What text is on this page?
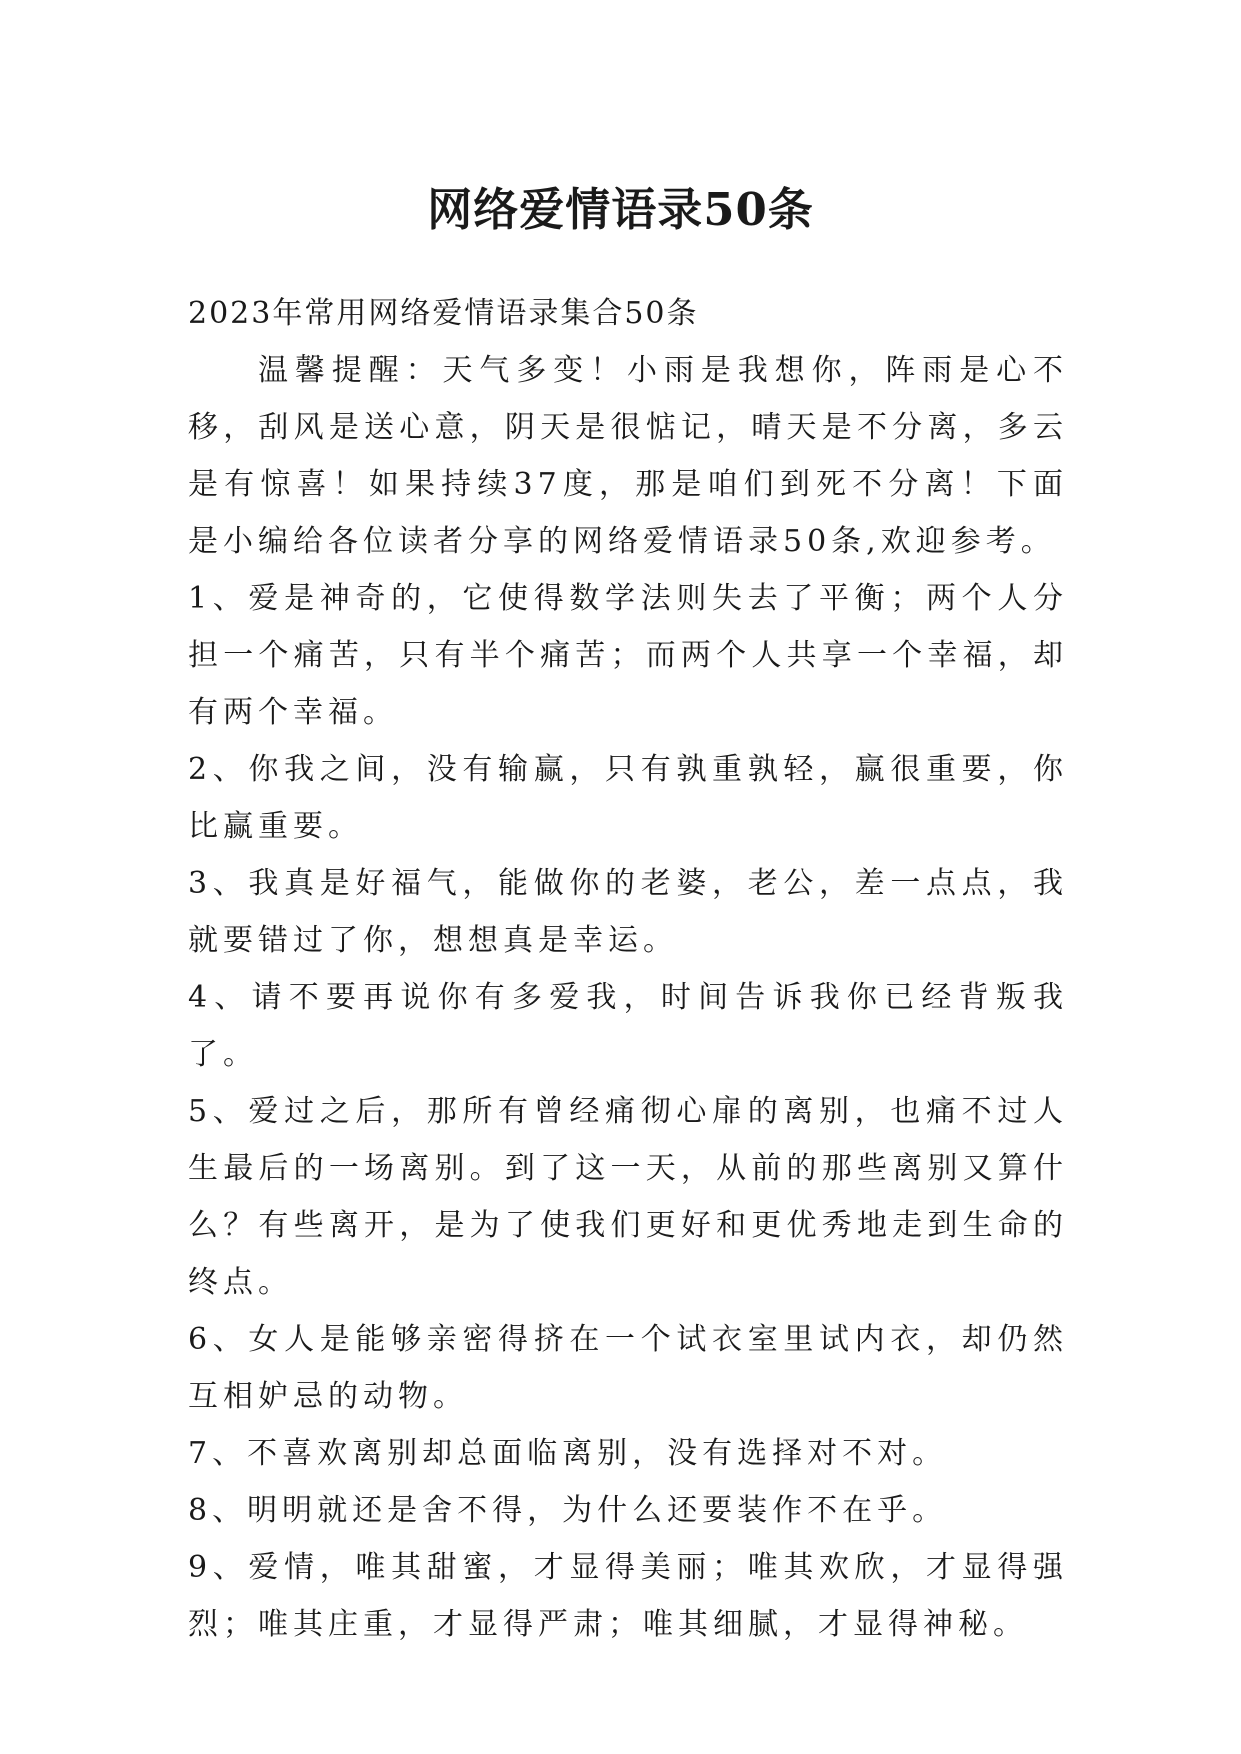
网络爱情语录50条

2023年常用网络爱情语录集合50条

温馨提醒：天气多变！小雨是我想你，阵雨是心不移，刮风是送心意，阴天是很惦记，晴天是不分离，多云是有惊喜！如果持续37度，那是咱们到死不分离！下面是小编给各位读者分享的网络爱情语录50条,欢迎参考。

1、爱是神奇的，它使得数学法则失去了平衡；两个人分担一个痛苦，只有半个痛苦；而两个人共享一个幸福，却有两个幸福。

2、你我之间，没有输赢，只有孰重孰轻，赢很重要，你比赢重要。

3、我真是好福气，能做你的老婆，老公，差一点点，我就要错过了你，想想真是幸运。

4、请不要再说你有多爱我，时间告诉我你已经背叛我了。

5、爱过之后，那所有曾经痛彻心扉的离别，也痛不过人生最后的一场离别。到了这一天，从前的那些离别又算什么？有些离开，是为了使我们更好和更优秀地走到生命的终点。

6、女人是能够亲密得挤在一个试衣室里试内衣，却仍然互相妒忌的动物。

7、不喜欢离别却总面临离别，没有选择对不对。

8、明明就还是舍不得，为什么还要装作不在乎。

9、爱情，唯其甜蜜，才显得美丽；唯其欢欣，才显得强烈；唯其庄重，才显得严肃；唯其细腻，才显得神秘。
